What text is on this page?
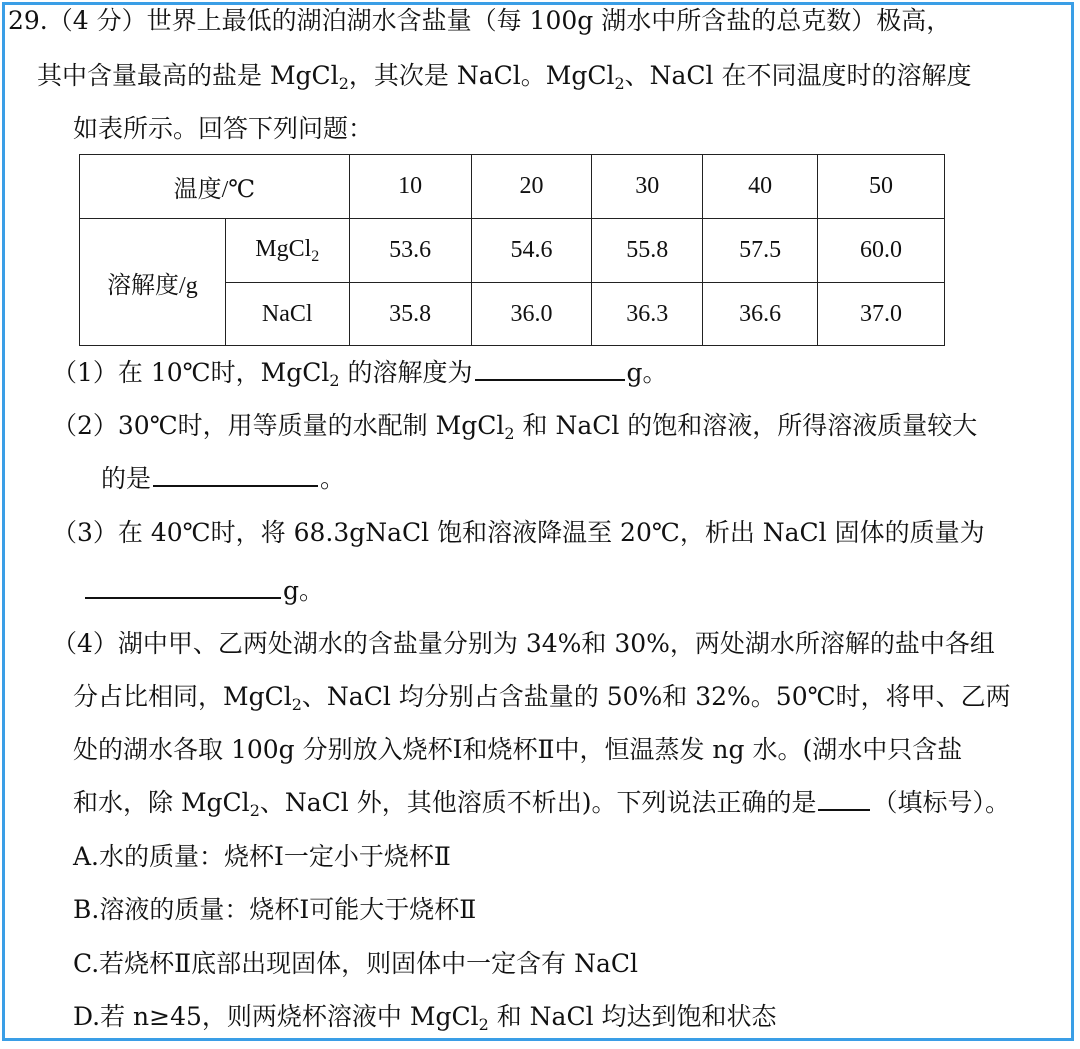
29.（4 分）世界上最低的湖泊湖水含盐量（每 100g 湖水中所含盐的总克数）极高，
其中含量最高的盐是 MgCl$_2$，其次是 NaCl。MgCl$_2$、NaCl 在不同温度时的溶解度
如表所示。回答下列问题：
温度/℃		10	20	30	40	50
溶解度/g	MgCl$_2$	53.6	54.6	55.8	57.5	60.0
	NaCl	35.8	36.0	36.3	36.6	37.0
（1）在 10℃时，MgCl$_2$ 的溶解度为	g。
（2）30℃时，用等质量的水配制 MgCl$_2$ 和 NaCl 的饱和溶液，所得溶液质量较大
的是	。
（3）在 40℃时，将 68.3gNaCl 饱和溶液降温至 20℃，析出 NaCl 固体的质量为
g。
（4）湖中甲、乙两处湖水的含盐量分别为 34%和 30%，两处湖水所溶解的盐中各组
分占比相同，MgCl$_2$、NaCl 均分别占含盐量的 50%和 32%。50℃时，将甲、乙两
处的湖水各取 100g 分别放入烧杯Ⅰ和烧杯Ⅱ中，恒温蒸发 ng 水。(湖水中只含盐
和水，除 MgCl$_2$、NaCl 外，其他溶质不析出)。下列说法正确的是 （填标号）。
A.水的质量：烧杯Ⅰ一定小于烧杯Ⅱ
B.溶液的质量：烧杯Ⅰ可能大于烧杯Ⅱ
C.若烧杯Ⅱ底部出现固体，则固体中一定含有 NaCl
D.若 n≥45，则两烧杯溶液中 MgCl$_2$ 和 NaCl 均达到饱和状态
